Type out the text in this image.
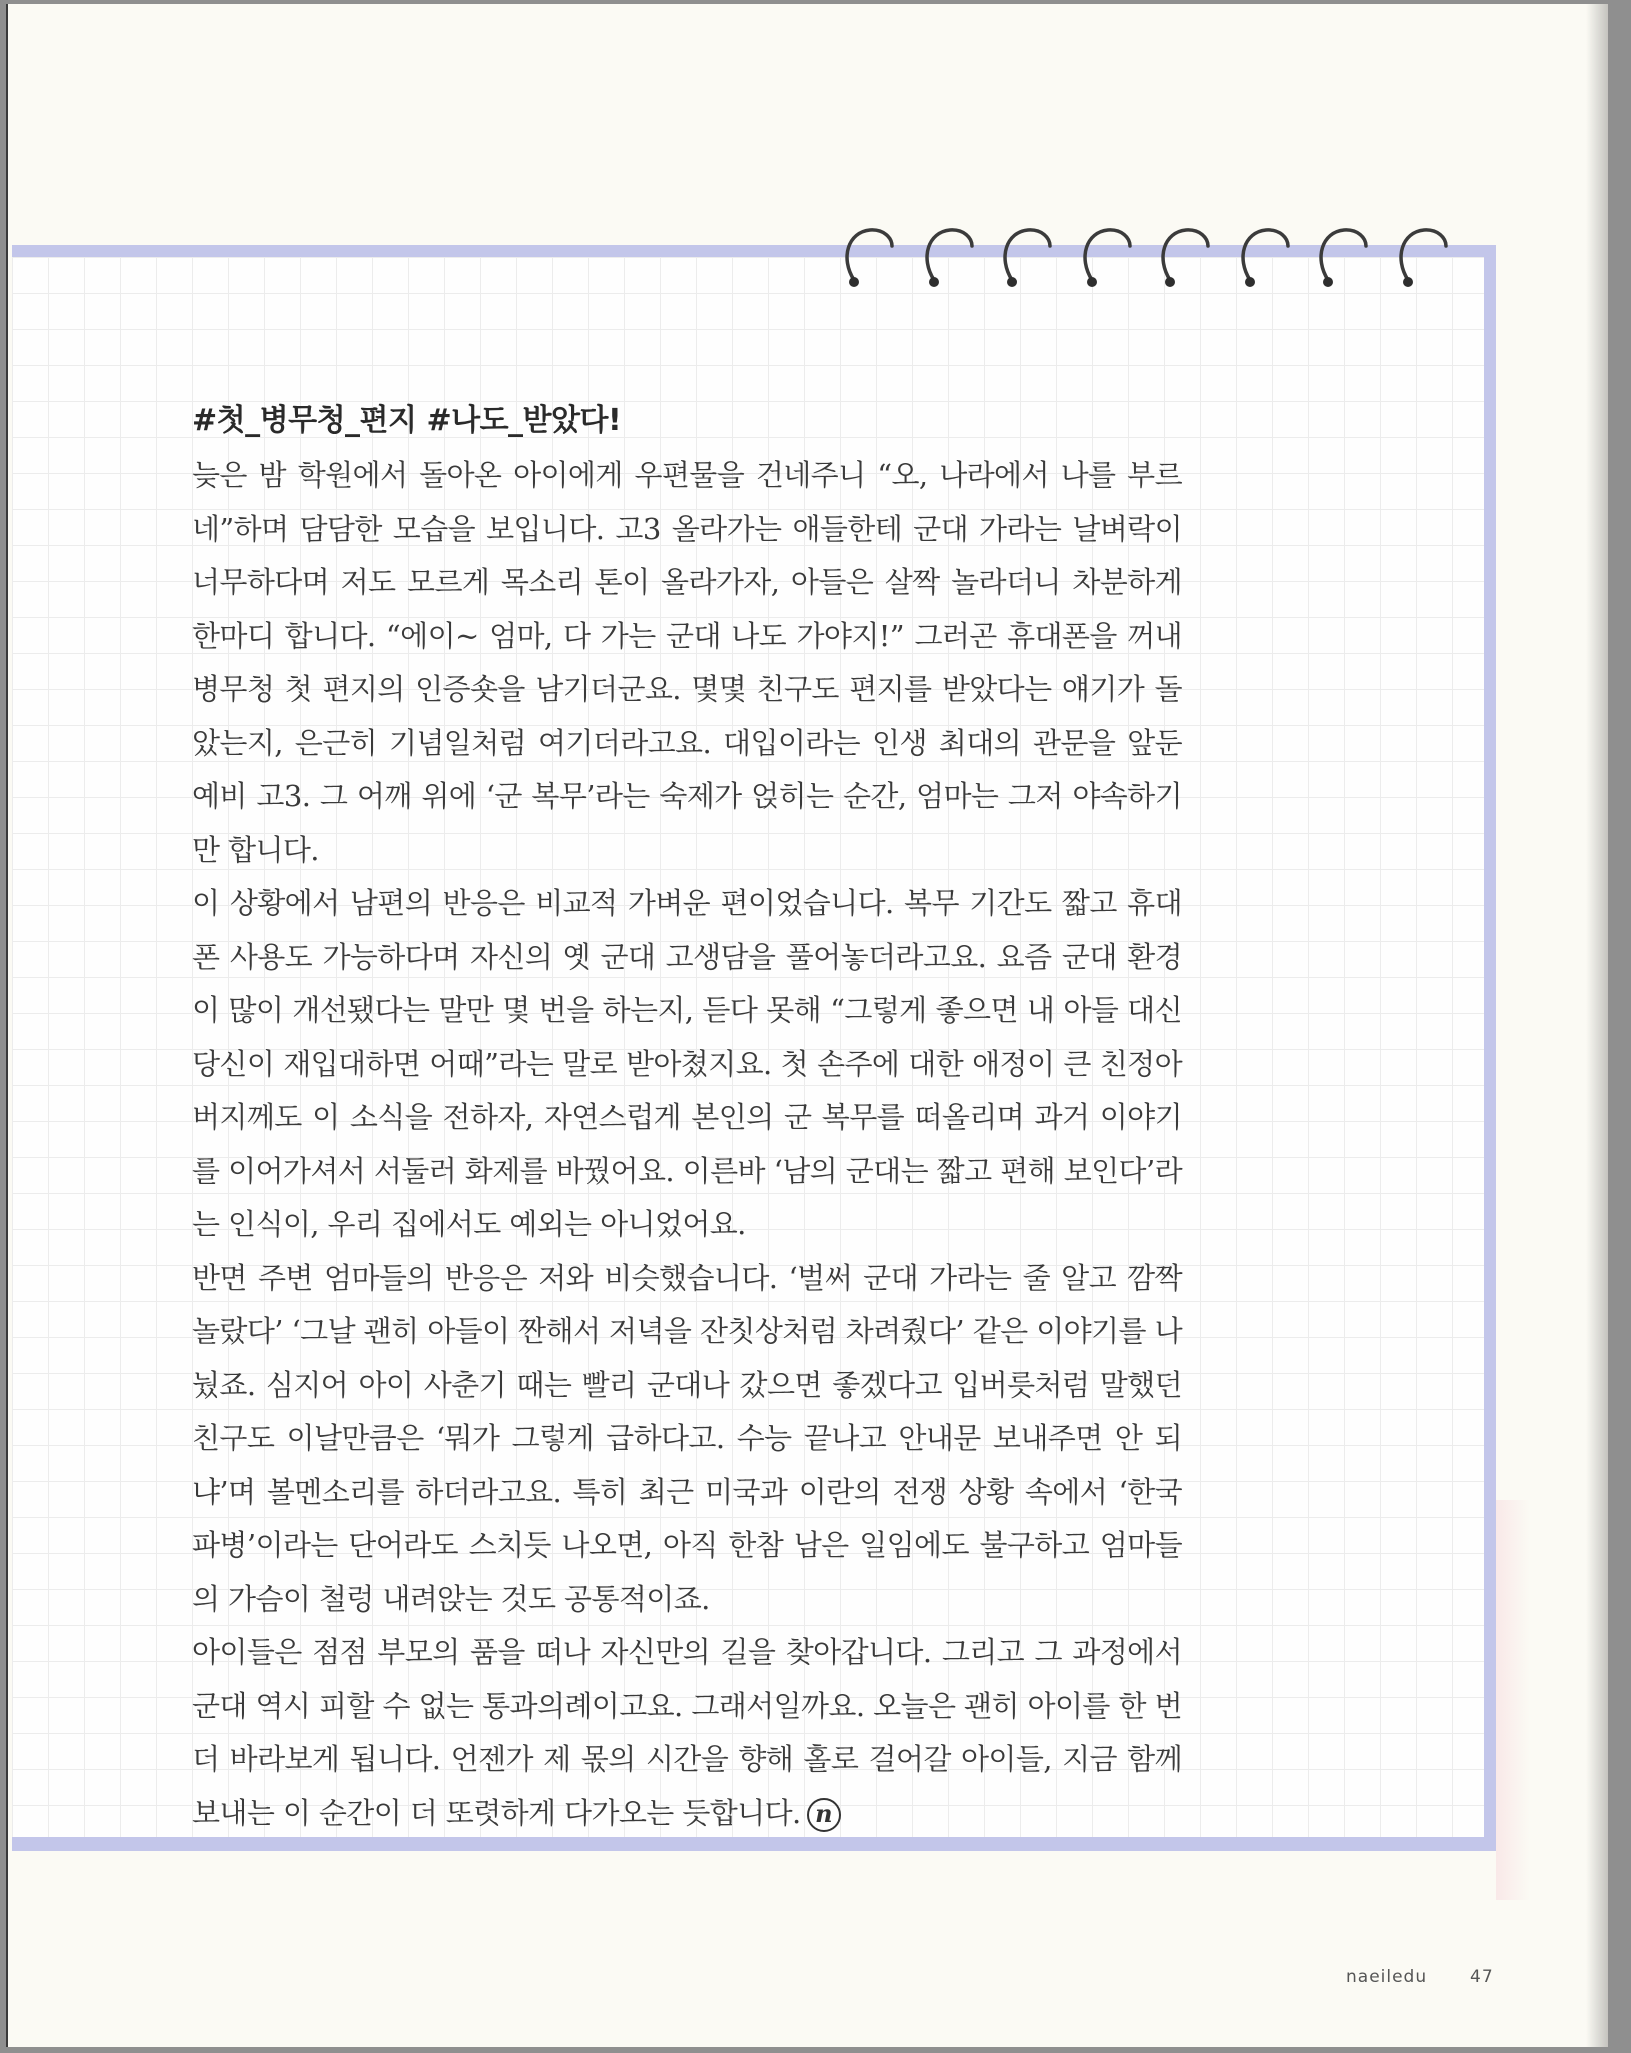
#첫_병무청_편지 #나도_받았다!

늦은 밤 학원에서 돌아온 아이에게 우편물을 건네주니 “오, 나라에서 나를 부르네”하며 담담한 모습을 보입니다. 고3 올라가는 애들한테 군대 가라는 날벼락이 너무하다며 저도 모르게 목소리 톤이 올라가자, 아들은 살짝 놀라더니 차분하게 한마디 합니다. “에이~ 엄마, 다 가는 군대 나도 가야지!” 그러곤 휴대폰을 꺼내 병무청 첫 편지의 인증숏을 남기더군요. 몇몇 친구도 편지를 받았다는 얘기가 돌았는지, 은근히 기념일처럼 여기더라고요. 대입이라는 인생 최대의 관문을 앞둔 예비 고3. 그 어깨 위에 ‘군 복무’라는 숙제가 얹히는 순간, 엄마는 그저 야속하기만 합니다.

이 상황에서 남편의 반응은 비교적 가벼운 편이었습니다. 복무 기간도 짧고 휴대폰 사용도 가능하다며 자신의 옛 군대 고생담을 풀어놓더라고요. 요즘 군대 환경이 많이 개선됐다는 말만 몇 번을 하는지, 듣다 못해 “그렇게 좋으면 내 아들 대신 당신이 재입대하면 어때”라는 말로 받아쳤지요. 첫 손주에 대한 애정이 큰 친정아버지께도 이 소식을 전하자, 자연스럽게 본인의 군 복무를 떠올리며 과거 이야기를 이어가셔서 서둘러 화제를 바꿨어요. 이른바 ‘남의 군대는 짧고 편해 보인다’라는 인식이, 우리 집에서도 예외는 아니었어요.

반면 주변 엄마들의 반응은 저와 비슷했습니다. ‘벌써 군대 가라는 줄 알고 깜짝 놀랐다’ ‘그날 괜히 아들이 짠해서 저녁을 잔칫상처럼 차려줬다’ 같은 이야기를 나눴죠. 심지어 아이 사춘기 때는 빨리 군대나 갔으면 좋겠다고 입버릇처럼 말했던 친구도 이날만큼은 ‘뭐가 그렇게 급하다고. 수능 끝나고 안내문 보내주면 안 되냐’며 볼멘소리를 하더라고요. 특히 최근 미국과 이란의 전쟁 상황 속에서 ‘한국 파병’이라는 단어라도 스치듯 나오면, 아직 한참 남은 일임에도 불구하고 엄마들의 가슴이 철렁 내려앉는 것도 공통적이죠.

아이들은 점점 부모의 품을 떠나 자신만의 길을 찾아갑니다. 그리고 그 과정에서 군대 역시 피할 수 없는 통과의례이고요. 그래서일까요. 오늘은 괜히 아이를 한 번 더 바라보게 됩니다. 언젠가 제 몫의 시간을 향해 홀로 걸어갈 아이들, 지금 함께 보내는 이 순간이 더 또렷하게 다가오는 듯합니다. n

naeiledu	47
